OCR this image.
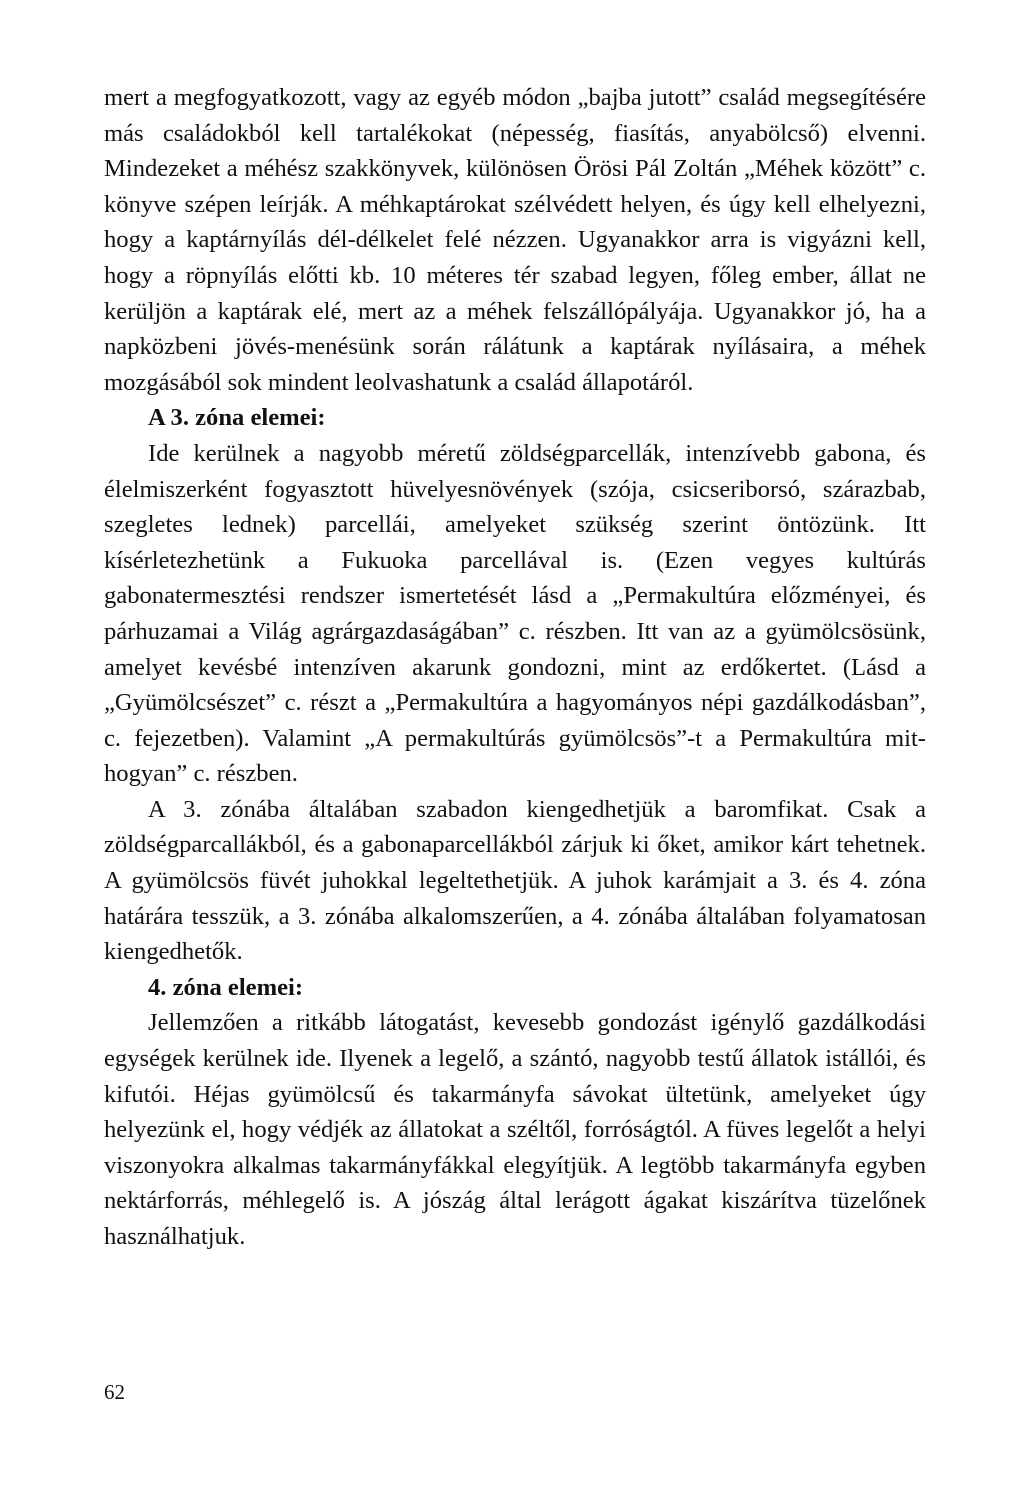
mert a megfogyatkozott, vagy az egyéb módon „bajba jutott” család megsegítésére más családokból kell tartalékokat (népesség, fiasítás, anyabölcső) elvenni. Mindezeket a méhész szakkönyvek, különösen Örösi Pál Zoltán „Méhek között” c. könyve szépen leírják. A méhkaptárokat szélvédett helyen, és úgy kell elhelyezni, hogy a kaptárnyílás dél-délkelet felé nézzen. Ugyanakkor arra is vigyázni kell, hogy a röpnyílás előtti kb. 10 méteres tér szabad legyen, főleg ember, állat ne kerüljön a kaptárak elé, mert az a méhek felszállópályája. Ugyanakkor jó, ha a napközbeni jövés-menésünk során rálátunk a kaptárak nyílásaira, a méhek mozgásából sok mindent leolvashatunk a család állapotáról.

A 3. zóna elemei:

Ide kerülnek a nagyobb méretű zöldségparcellák, intenzívebb gabona, és élelmiszerként fogyasztott hüvelyesnövények (szója, csicseriborsó, szárazbab, szegletes lednek) parcellái, amelyeket szükség szerint öntözünk. Itt kísérletezhetünk a Fukuoka parcellával is. (Ezen vegyes kultúrás gabonatermesztési rendszer ismertetését lásd a „Permakultúra előzményei, és párhuzamai a Világ agrárgazdaságában” c. részben. Itt van az a gyümölcsösünk, amelyet kevésbé intenzíven akarunk gondozni, mint az erdőkertet. (Lásd a „Gyümölcsészet” c. részt a „Permakultúra a hagyományos népi gazdálkodásban”, c. fejezetben). Valamint „A permakultúrás gyümölcsös”-t a Permakultúra mit-hogyan” c. részben.

A 3. zónába általában szabadon kiengedhetjük a baromfikat. Csak a zöldségparcallákból, és a gabonaparcellákból zárjuk ki őket, amikor kárt tehetnek. A gyümölcsös füvét juhokkal legeltethetjük. A juhok karámjait a 3. és 4. zóna határára tesszük, a 3. zónába alkalomszerűen, a 4. zónába általában folyamatosan kiengedhetők.

4. zóna elemei:

Jellemzően a ritkább látogatást, kevesebb gondozást igénylő gazdálkodási egységek kerülnek ide. Ilyenek a legelő, a szántó, nagyobb testű állatok istállói, és kifutói. Héjas gyümölcsű és takarmányfa sávokat ültetünk, amelyeket úgy helyezünk el, hogy védjék az állatokat a széltől, forróságtól. A füves legelőt a helyi viszonyokra alkalmas takarmányfákkal elegyítjük. A legtöbb takarmányfa egyben nektárforrás, méhlegelő is. A jószág által lerágott ágakat kiszárítva tüzelőnek használhatjuk.

62
